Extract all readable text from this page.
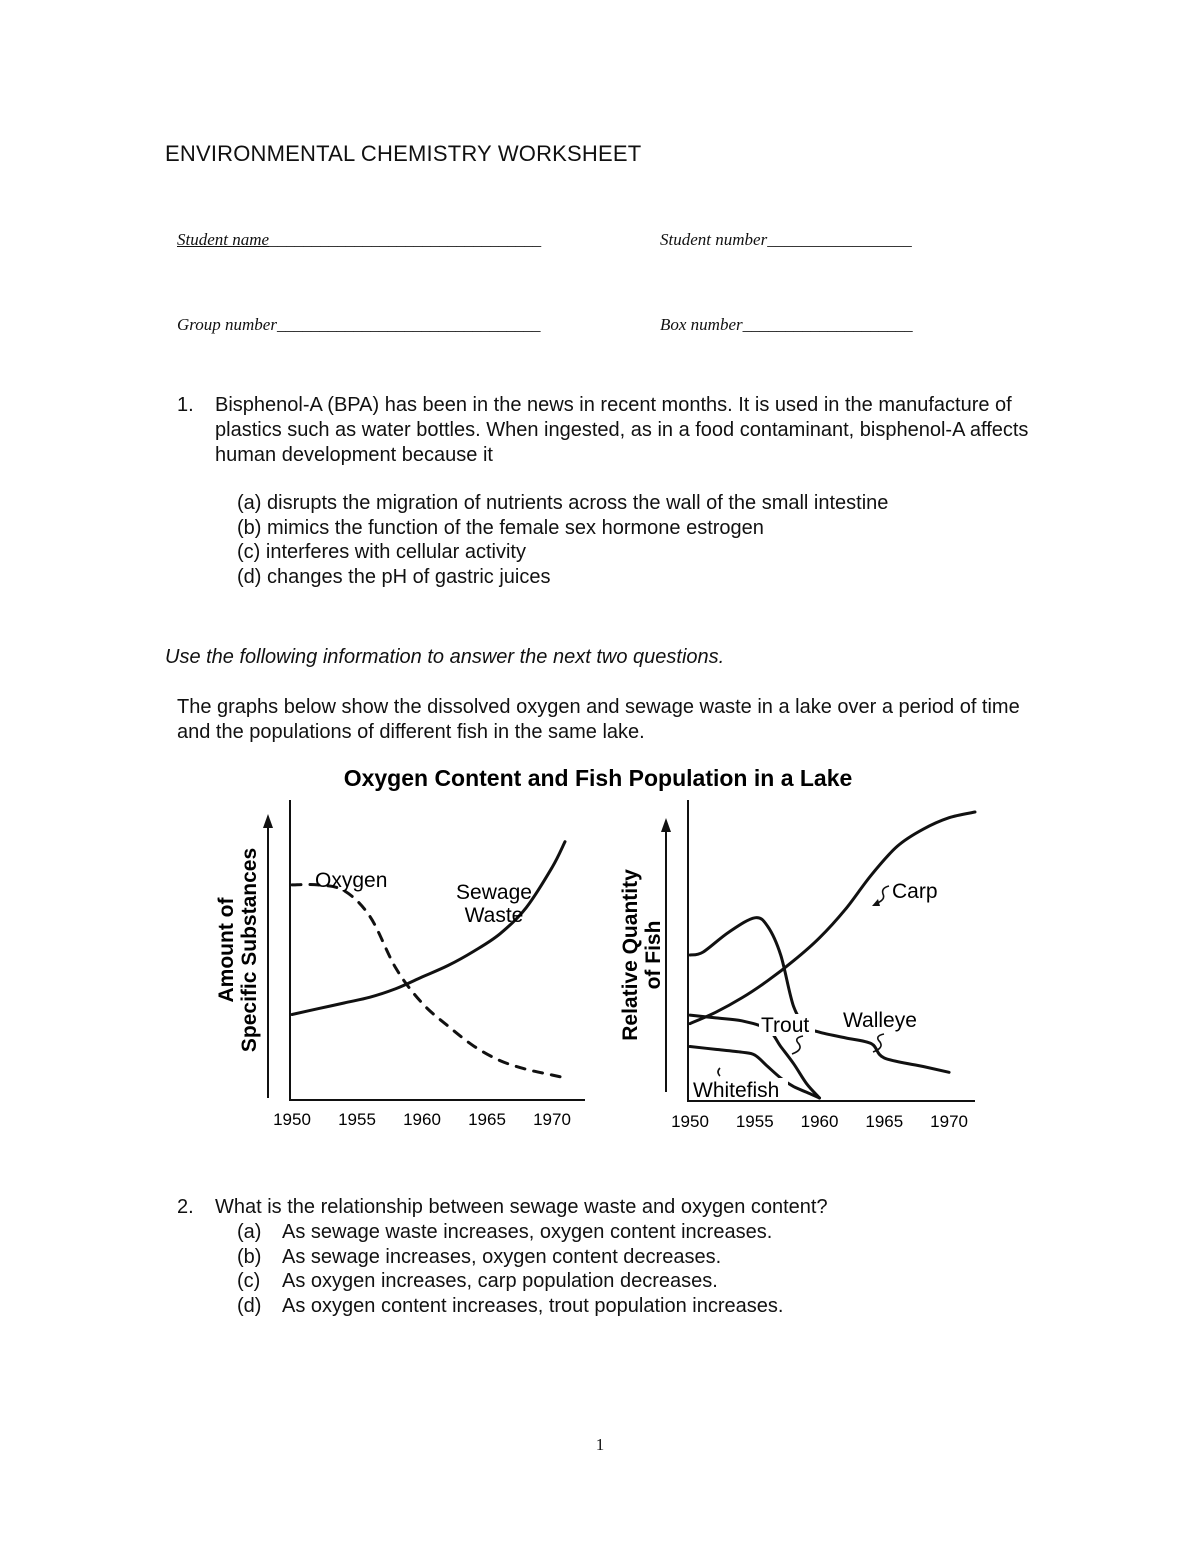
ENVIRONMENTAL CHEMISTRY WORKSHEET
Student name________________________________	Student number_________________
Group number_______________________________	Box number____________________
1. Bisphenol-A (BPA) has been in the news in recent months. It is used in the manufacture of
plastics such as water bottles. When ingested, as in a food contaminant, bisphenol-A affects
human development because it
(a) disrupts the migration of nutrients across the wall of the small intestine
(b) mimics the function of the female sex hormone estrogen
(c) interferes with cellular activity
(d) changes the pH of gastric juices
Use the following information to answer the next two questions.
The graphs below show the dissolved oxygen and sewage waste in a lake over a period of time
and the populations of different fish in the same lake.
Oxygen Content and Fish Population in a Lake
Amount of Specific Substances
1950 1955 1960 1965 1970
Oxygen
Sewage
Waste	Relative Quantity of Fish
1950 1955 1960 1965 1970
Carp
Walleye
Trout
Whitefish
2. What is the relationship between sewage waste and oxygen content?
(a) As sewage waste increases, oxygen content increases.
(b) As sewage increases, oxygen content decreases.
(c) As oxygen increases, carp population decreases.
(d) As oxygen content increases, trout population increases.
1
